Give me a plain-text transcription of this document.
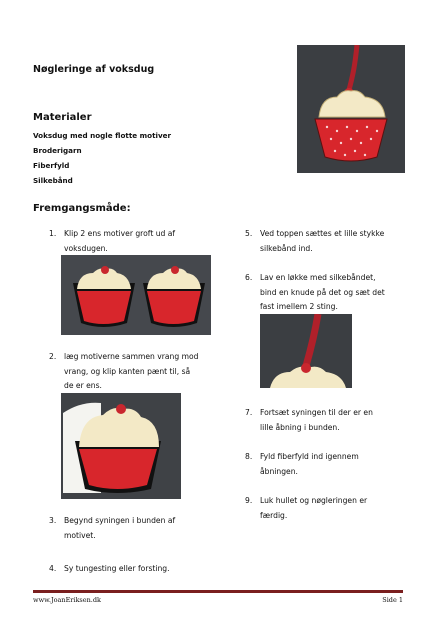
Nøgleringe af voksdug
Materialer
Voksdug med nogle flotte motiver
Broderigarn
Fiberfyld
Silkebånd
Fremgangsmåde:
1. Klip 2 ens motiver groft ud af
voksdugen.
2. læg motiverne sammen vrang mod
vrang, og klip kanten pænt til, så
de er ens.
3. Begynd syningen i bunden af
motivet.
4. Sy tungesting eller forsting.
5. Ved toppen sættes et lille stykke
silkebånd ind.
6. Lav en løkke med silkebåndet,
bind en knude på det og sæt det
fast imellem 2 sting.
7. Fortsæt syningen til der er en
lille åbning i bunden.
8. Fyld fiberfyld ind igennem
åbningen.
9. Luk hullet og nøgleringen er
færdig.
www.JoanEriksen.dk	Side 1
